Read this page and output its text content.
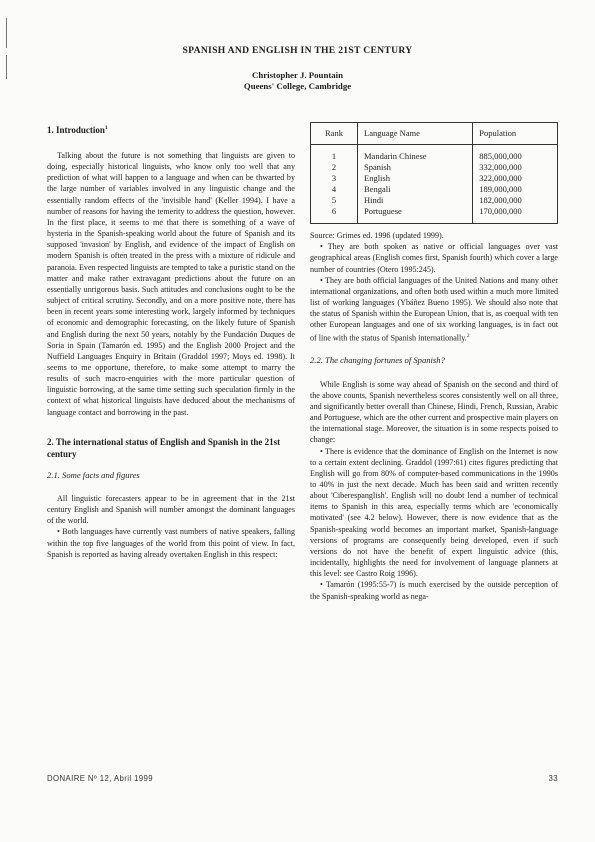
SPANISH AND ENGLISH IN THE 21ST CENTURY
Christopher J. Pountain
Queens' College, Cambridge
1. Introduction$^1$

Talking about the future is not something that linguists are given to doing, especially historical linguists, who know only too well that any prediction of what will happen to a language and when can be thwarted by the large number of variables involved in any linguistic change and the essentially random effects of the 'invisible hand' (Keller 1994). I have a number of reasons for having the temerity to address the question, however. In the first place, it seems to me that there is something of a wave of hysteria in the Spanish-speaking world about the future of Spanish and its supposed 'invasion' by English, and evidence of the impact of English on modern Spanish is often treated in the press with a mixture of ridicule and paranoia. Even respected linguists are tempted to take a puristic stand on the matter and make rather extravagant predictions about the future on an essentially unrigorous basis. Such attitudes and conclusions ought to be the subject of critical scrutiny. Secondly, and on a more positive note, there has been in recent years some interesting work, largely informed by techniques of economic and demographic forecasting, on the likely future of Spanish and English during the next 50 years, notably by the Fundación Duques de Soria in Spain (Tamarón ed. 1995) and the English 2000 Project and the Nuffield Languages Enquiry in Britain (Graddol 1997; Moys ed. 1998). It seems to me opportune, therefore, to make some attempt to marry the results of such macro-enquiries with the more particular question of linguistic borrowing, at the same time setting such speculation firmly in the context of what historical linguists have deduced about the mechanisms of language contact and borrowing in the past.

2. The international status of English and Spanish in the 21st century
2.1. Some facts and figures

All linguistic forecasters appear to be in agreement that in the 21st century English and Spanish will number amongst the dominant languages of the world.

• Both languages have currently vast numbers of native speakers, falling within the top five languages of the world from this point of view. In fact, Spanish is reported as having already overtaken English in this respect:

Rank	Language Name	Population
1	Mandarin Chinese	885,000,000
2	Spanish	332,000,000
3	English	322,000,000
4	Bengali	189,000,000
5	Hindi	182,000,000
6	Portuguese	170,000,000

Source: Grimes ed. 1996 (updated 1999).

• They are both spoken as native or official languages over vast geographical areas (English comes first, Spanish fourth) which cover a large number of countries (Otero 1995:245).

• They are both official languages of the United Nations and many other international organizations, and often both used within a much more limited list of working languages (Ybáñez Bueno 1995). We should also note that the status of Spanish within the European Union, that is, as coequal with ten other European languages and one of six working languages, is in fact out of line with the status of Spanish internationally.$^2$

2.2. The changing fortunes of Spanish?

While English is some way ahead of Spanish on the second and third of the above counts, Spanish nevertheless scores consistently well on all three, and significantly better overall than Chinese, Hindi, French, Russian, Arabic and Portuguese, which are the other current and prospective main players on the international stage. Moreover, the situation is in some respects poised to change:

• There is evidence that the dominance of English on the Internet is now to a certain extent declining. Graddol (1997:61) cites figures predicting that English will go from 80% of computer-based communications in the 1990s to 40% in just the next decade. Much has been said and written recently about 'Ciberespanglish'. English will no doubt lend a number of technical items to Spanish in this area, especially terms which are 'economically motivated' (see 4.2 below). However, there is now evidence that as the Spanish-speaking world becomes an important market, Spanish-language versions of programs are consequently being developed, even if such versions do not have the benefit of expert linguistic advice (this, incidentally, highlights the need for involvement of language planners at this level: see Castro Roig 1996).

• Tamarón (1995:55-7) is much exercised by the outside perception of the Spanish-speaking world as nega-

DONAIRE Nº 12, Abril 1999	33
